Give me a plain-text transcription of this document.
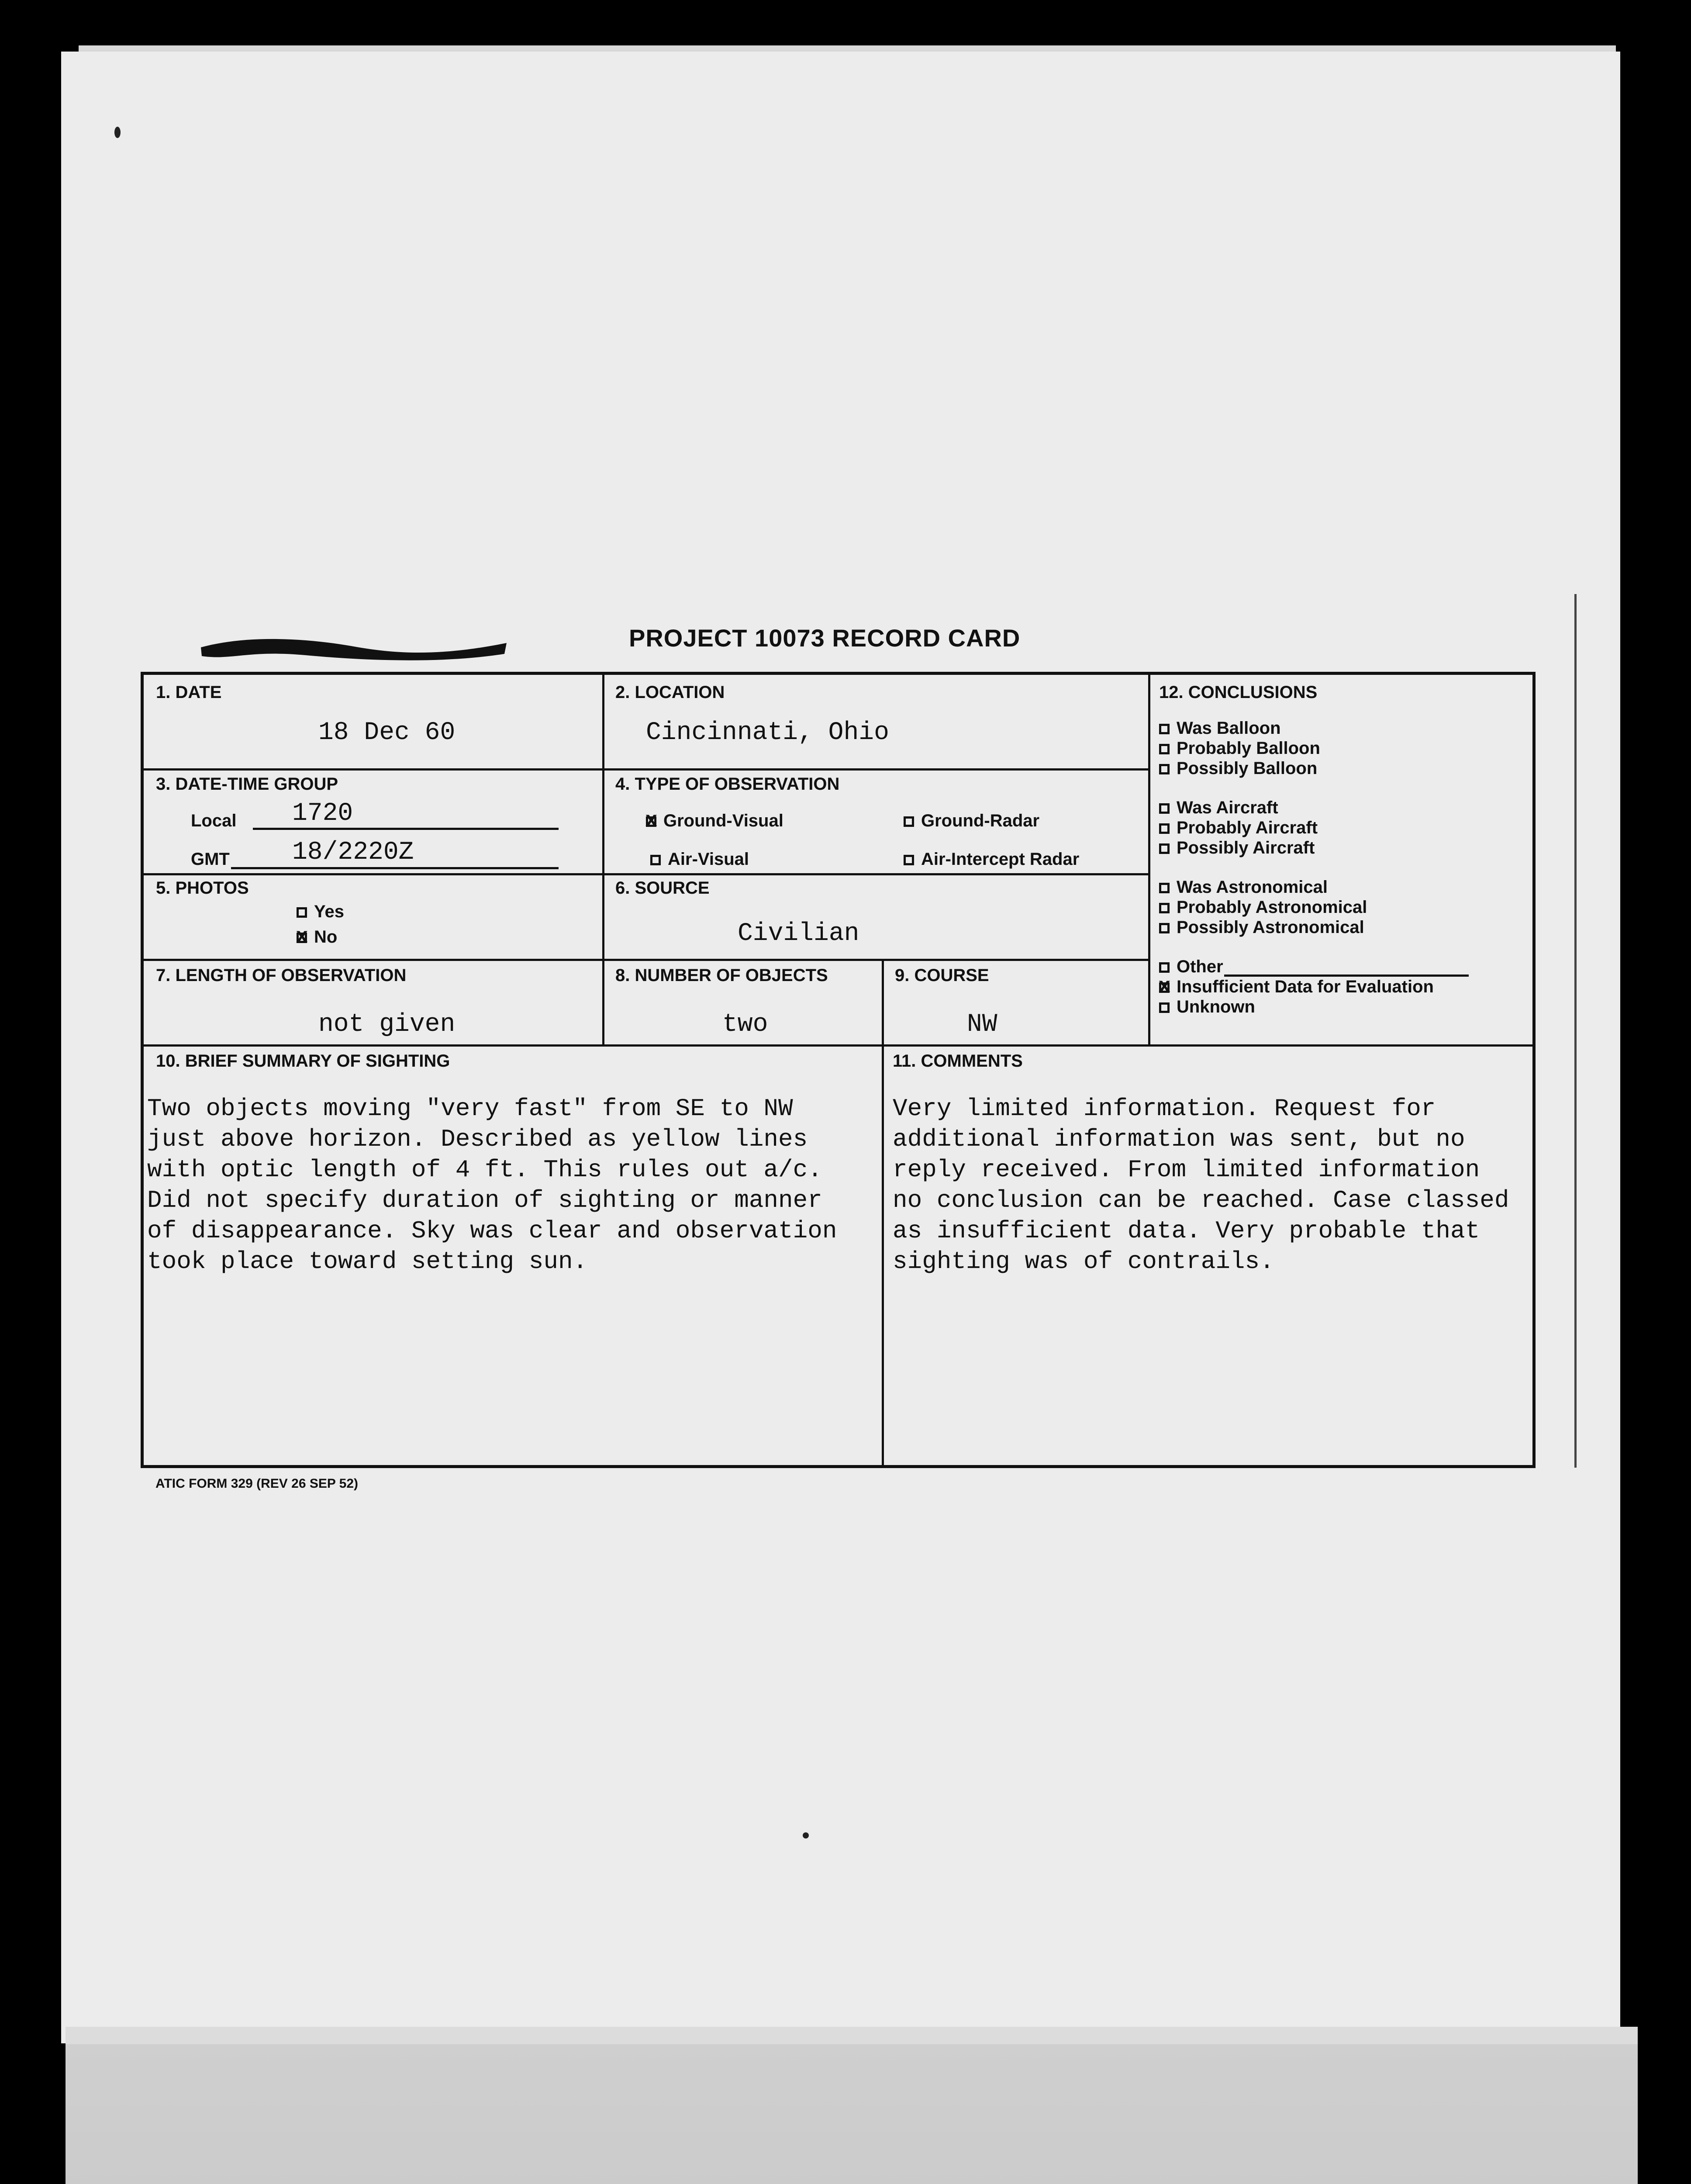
PROJECT 10073 RECORD CARD
1. DATE
18 Dec 60
2. LOCATION
Cincinnati, Ohio
3. DATE-TIME GROUP
Local 1720
GMT 18/2220Z
4. TYPE OF OBSERVATION
xGround-Visual	Ground-Radar
Air-Visual	Air-Intercept Radar
5. PHOTOS
Yes
xNo
6. SOURCE
Civilian
7. LENGTH OF OBSERVATION
not given
8. NUMBER OF OBJECTS
two
9. COURSE
NW
12. CONCLUSIONS
Was Balloon
Probably Balloon
Possibly Balloon
Was Aircraft
Probably Aircraft
Possibly Aircraft
Was Astronomical
Probably Astronomical
Possibly Astronomical
Other
xInsufficient Data for Evaluation
Unknown
10. BRIEF SUMMARY OF SIGHTING
Two objects moving "very fast" from SE to NW
just above horizon. Described as yellow lines
with optic length of 4 ft. This rules out a/c.
Did not specify duration of sighting or manner
of disappearance. Sky was clear and observation
took place toward setting sun.
11. COMMENTS
Very limited information. Request for
additional information was sent, but no
reply received. From limited information
no conclusion can be reached. Case classed
as insufficient data. Very probable that
sighting was of contrails.
ATIC FORM 329 (REV 26 SEP 52)
